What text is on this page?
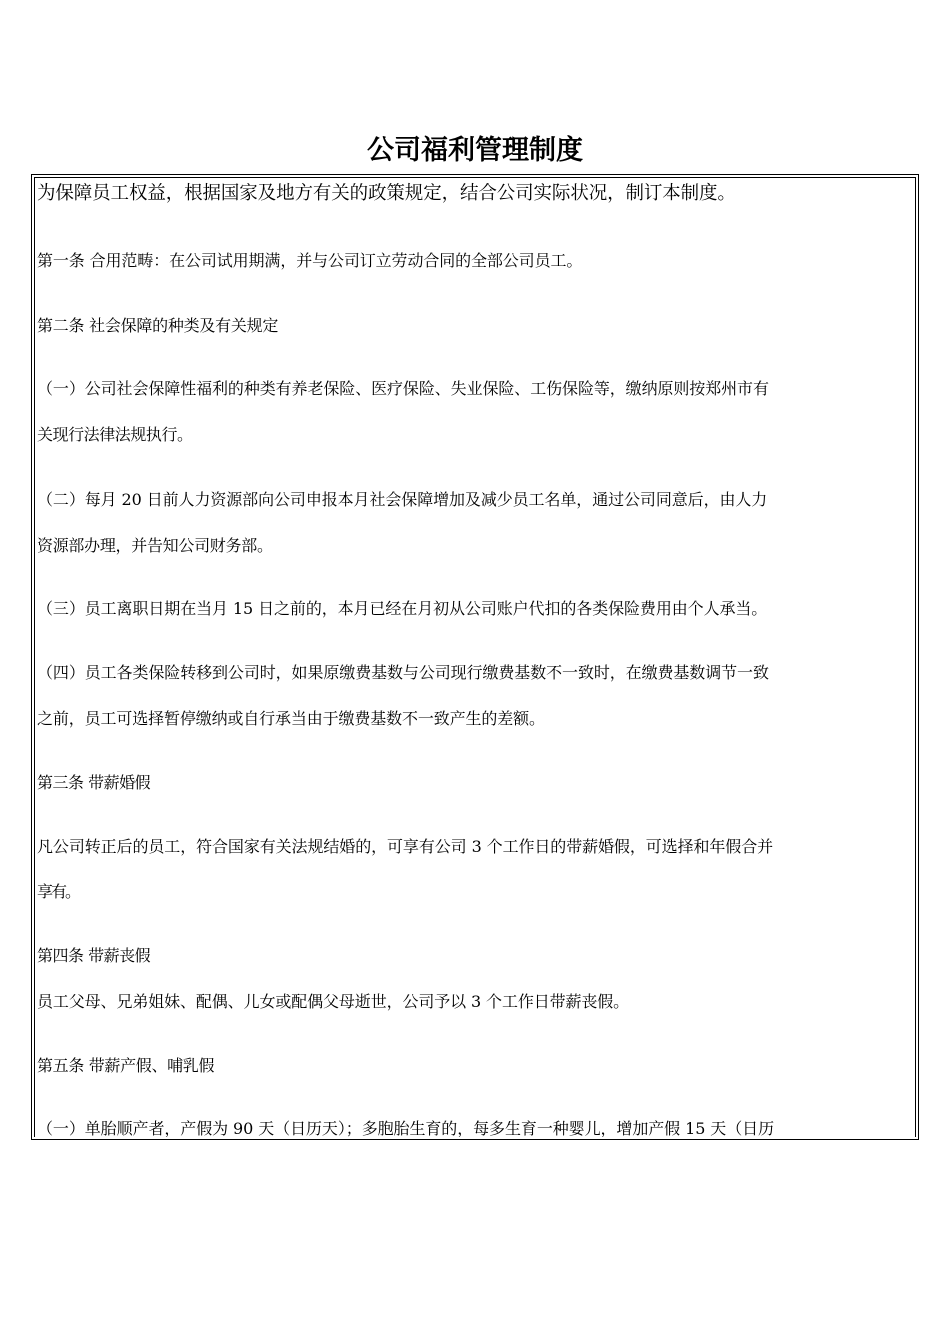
公司福利管理制度
为保障员工权益，根据国家及地方有关的政策规定，结合公司实际状况，制订本制度。
第一条 合用范畴：在公司试用期满，并与公司订立劳动合同的全部公司员工。
第二条 社会保障的种类及有关规定
（一）公司社会保障性福利的种类有养老保险、医疗保险、失业保险、工伤保险等，缴纳原则按郑州市有
关现行法律法规执行。
（二）每月 20 日前人力资源部向公司申报本月社会保障增加及减少员工名单，通过公司同意后，由人力
资源部办理，并告知公司财务部。
（三）员工离职日期在当月 15 日之前的，本月已经在月初从公司账户代扣的各类保险费用由个人承当。
（四）员工各类保险转移到公司时，如果原缴费基数与公司现行缴费基数不一致时，在缴费基数调节一致
之前，员工可选择暂停缴纳或自行承当由于缴费基数不一致产生的差额。
第三条 带薪婚假
凡公司转正后的员工，符合国家有关法规结婚的，可享有公司 3 个工作日的带薪婚假，可选择和年假合并
享有。
第四条 带薪丧假
员工父母、兄弟姐妹、配偶、儿女或配偶父母逝世，公司予以 3 个工作日带薪丧假。
第五条 带薪产假、哺乳假
（一）单胎顺产者，产假为 90 天（日历天）；多胞胎生育的，每多生育一种婴儿，增加产假 15 天（日历
